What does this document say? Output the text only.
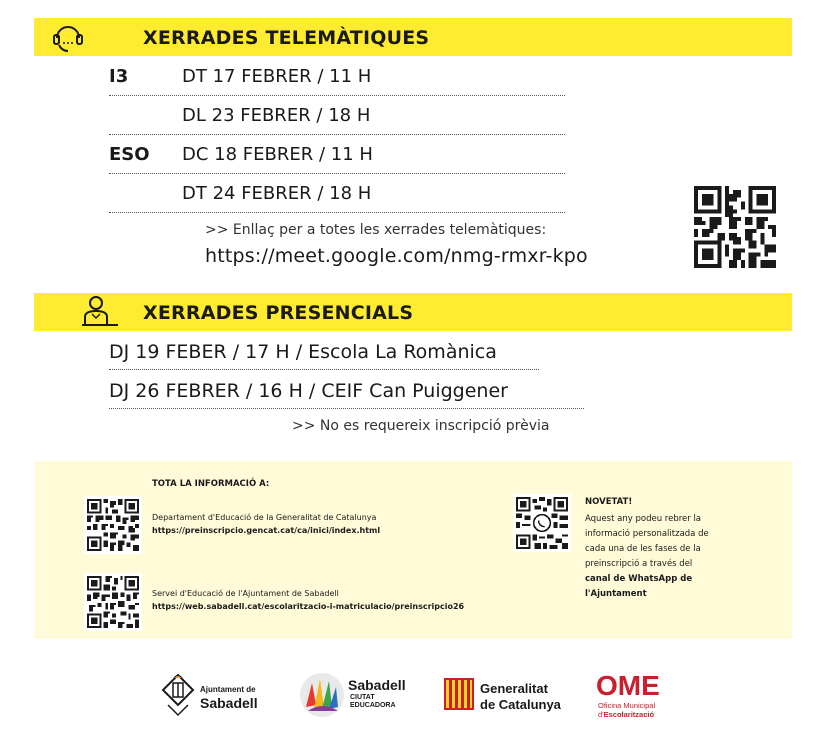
XERRADES TELEMÀTIQUES
I3	DT 17 FEBRER / 11 H
DL 23 FEBRER / 18 H
ESO DC 18 FEBRER / 11 H
DT 24 FEBRER / 18 H
>> Enllaç per a totes les xerrades telemàtiques:
https://meet.google.com/nmg-rmxr-kpo
XERRADES PRESENCIALS
DJ 19 FEBER / 17 H / Escola La Romànica
DJ 26 FEBRER / 16 H / CEIF Can Puiggener
>> No es requereix inscripció prèvia
TOTA LA INFORMACIÓ A:
Departament d'Educació de la Generalitat de Catalunya
https://preinscripcio.gencat.cat/ca/inici/index.html
Servei d'Educació de l'Ajuntament de Sabadell
https://web.sabadell.cat/escolaritzacio-i-matriculacio/preinscripcio26
NOVETAT!
Aquest any podeu rebrer la
informació personalitzada de
cada una de les fases de la
preinscripció a través del
canal de WhatsApp de
l'Ajuntament
Ajuntament de
Sabadell
Sabadell
CIUTAT
EDUCADORA
Generalitat
de Catalunya
OME
Oficina Municipal
d'Escolarització
